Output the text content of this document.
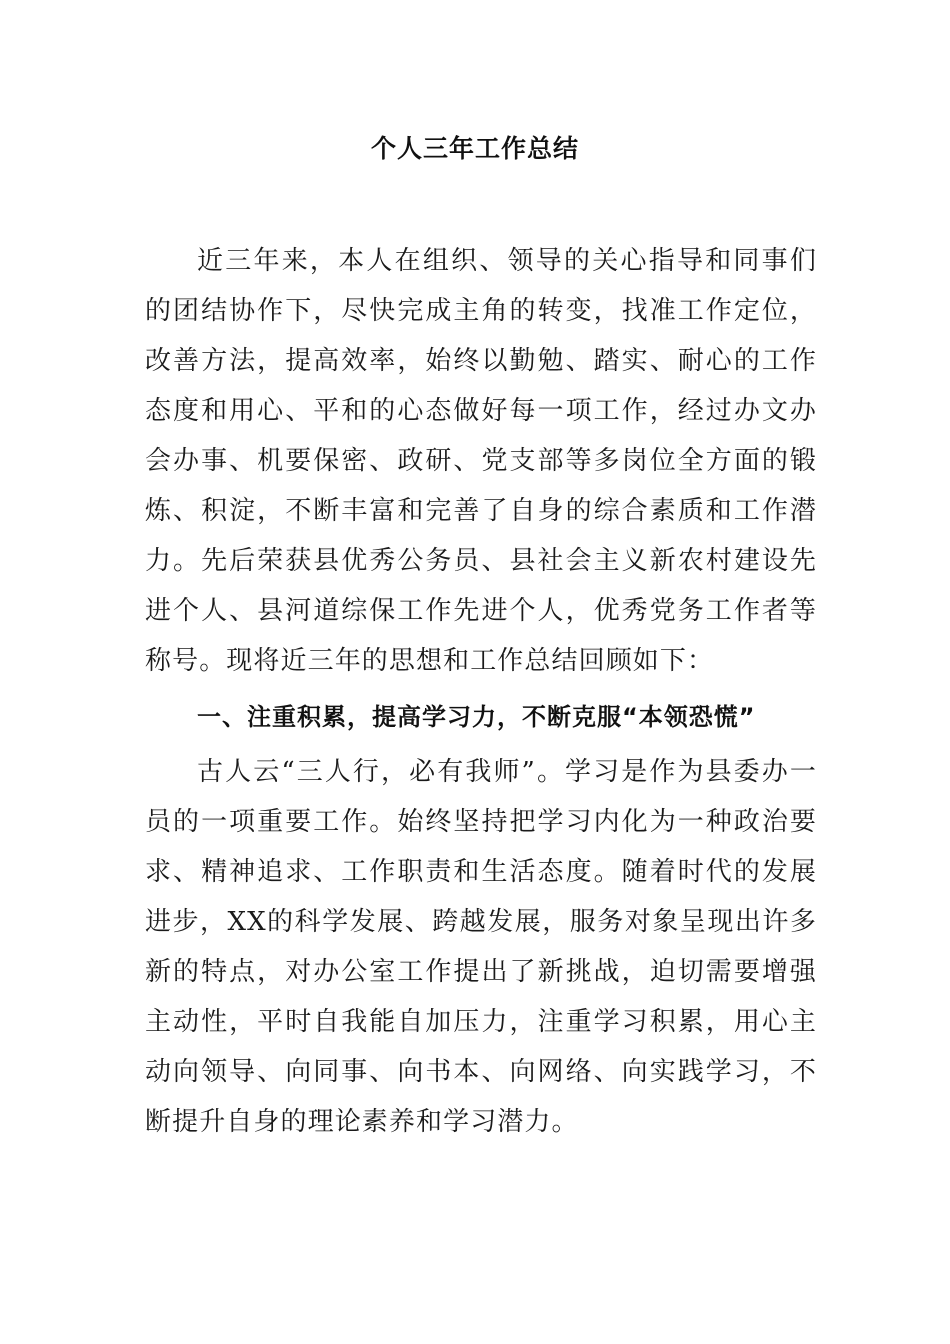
个人三年工作总结

近三年来，本人在组织、领导的关心指导和同事们的团结协作下，尽快完成主角的转变，找准工作定位，改善方法，提高效率，始终以勤勉、踏实、耐心的工作态度和用心、平和的心态做好每一项工作，经过办文办会办事、机要保密、政研、党支部等多岗位全方面的锻炼、积淀，不断丰富和完善了自身的综合素质和工作潜力。先后荣获县优秀公务员、县社会主义新农村建设先进个人、县河道综保工作先进个人，优秀党务工作者等称号。现将近三年的思想和工作总结回顾如下：

一、注重积累，提高学习力，不断克服“本领恐慌”

古人云“三人行，必有我师”。学习是作为县委办一员的一项重要工作。始终坚持把学习内化为一种政治要求、精神追求、工作职责和生活态度。随着时代的发展进步，XX的科学发展、跨越发展，服务对象呈现出许多新的特点，对办公室工作提出了新挑战，迫切需要增强主动性，平时自我能自加压力，注重学习积累，用心主动向领导、向同事、向书本、向网络、向实践学习，不断提升自身的理论素养和学习潜力。
